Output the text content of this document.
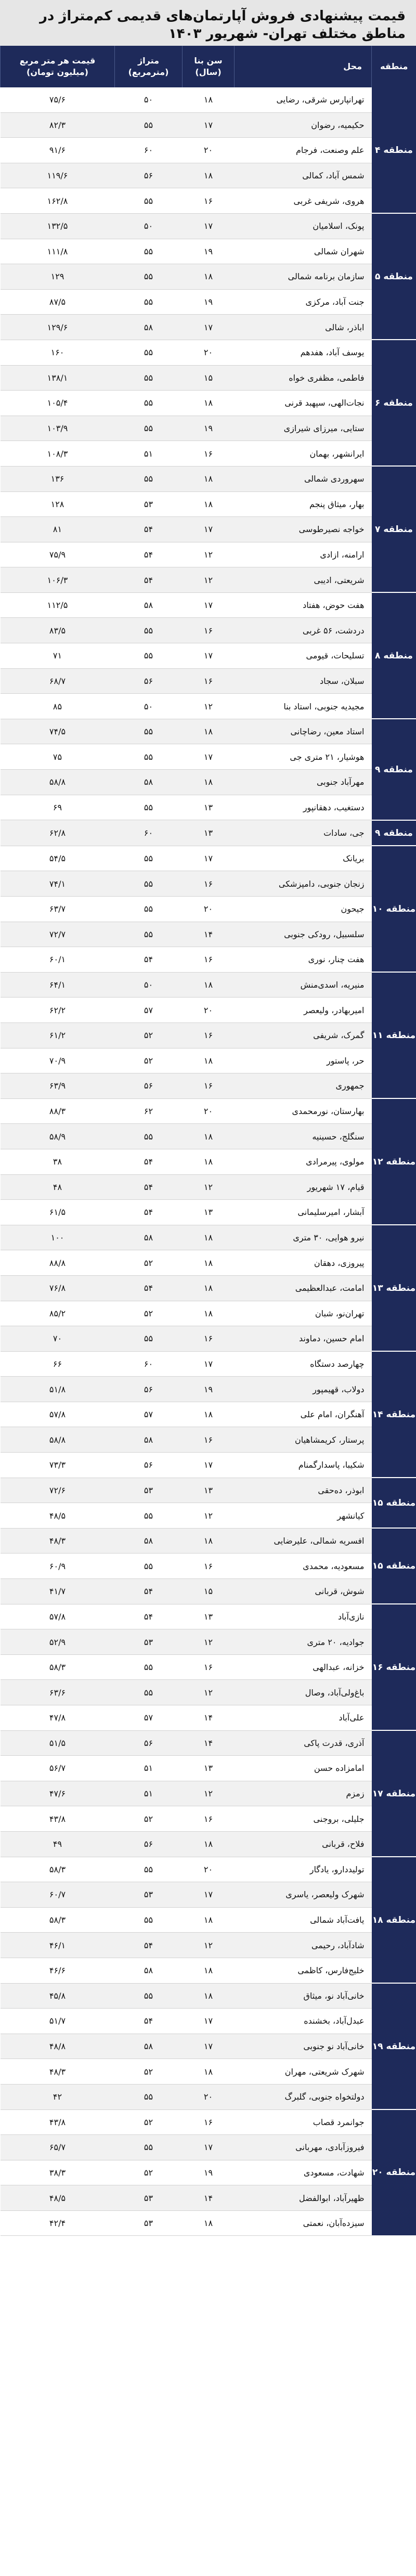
قیمت پیشنهادی فروش آپارتمان‌های قدیمی کم‌متراژ در مناطق مختلف تهران- شهریور ۱۴۰۳
منطقه	محل	سن بنا (سال)	متراژ (مترمربع)	قیمت هر متر مربع (میلیون تومان)
منطقه ۴	تهرانپارس شرقی، رضایی	۱۸	۵۰	۷۵/۶
	حکیمیه، رضوان	۱۷	۵۵	۸۲/۳
	علم وصنعت، فرجام	۲۰	۶۰	۹۱/۶
	شمس آباد، کمالی	۱۸	۵۶	۱۱۹/۶
	هروی، شریفی غربی	۱۶	۵۵	۱۶۲/۸
منطقه ۵	پونک، اسلامیان	۱۷	۵۰	۱۳۲/۵
	شهران شمالی	۱۹	۵۵	۱۱۱/۸
	سازمان برنامه شمالی	۱۸	۵۵	۱۲۹
	جنت آباد، مرکزی	۱۹	۵۵	۸۷/۵
	اباذر، شالی	۱۷	۵۸	۱۲۹/۶
منطقه ۶	یوسف آباد، هفدهم	۲۰	۵۵	۱۶۰
	فاطمی، مظفری خواه	۱۵	۵۵	۱۳۸/۱
	نجات‌الهی، سپهبد قرنی	۱۸	۵۵	۱۰۵/۴
	ستایی، میرزای شیرازی	۱۹	۵۵	۱۰۳/۹
	ایرانشهر، بهمان	۱۶	۵۱	۱۰۸/۳
منطقه ۷	سهروردی شمالی	۱۸	۵۵	۱۳۶
	بهار، میثاق پنجم	۱۸	۵۳	۱۲۸
	خواجه نصیرطوسی	۱۷	۵۴	۸۱
	ارامنه، ازادی	۱۲	۵۴	۷۵/۹
	شریعتی، ادیبی	۱۲	۵۴	۱۰۶/۳
منطقه ۸	هفت حوض، هفتاد	۱۷	۵۸	۱۱۲/۵
	دردشت، ۵۶ غربی	۱۶	۵۵	۸۳/۵
	تسلیحات، قیومی	۱۷	۵۵	۷۱
	سبلان، سجاد	۱۶	۵۶	۶۸/۷
	مجیدیه جنوبی، استاد بنا	۱۲	۵۰	۸۵
منطقه ۹	استاد معین، رضاچانی	۱۸	۵۵	۷۴/۵
	هوشیار، ۲۱ متری جی	۱۷	۵۵	۷۵
	مهرآباد جنوبی	۱۸	۵۸	۵۸/۸
	دستغیب، دهقانپور	۱۳	۵۵	۶۹
منطقه ۹	جی، سادات	۱۳	۶۰	۶۲/۸
منطقه ۱۰	بریانک	۱۷	۵۵	۵۴/۵
	زنجان جنوبی، دامپزشکی	۱۶	۵۵	۷۴/۱
	جیحون	۲۰	۵۵	۶۳/۷
	سلسبیل، رودکی جنوبی	۱۴	۵۵	۷۲/۷
	هفت چنار، نوری	۱۶	۵۴	۶۰/۱
منطقه ۱۱	منیریه، اسدی‌منش	۱۸	۵۰	۶۴/۱
	امیربهادر، ولیعصر	۲۰	۵۷	۶۲/۲
	گمرک، شریفی	۱۶	۵۲	۶۱/۲
	حر، پاستور	۱۸	۵۲	۷۰/۹
	جمهوری	۱۶	۵۶	۶۳/۹
منطقه ۱۲	بهارستان، نورمحمدی	۲۰	۶۲	۸۸/۳
	سنگلج، حسینیه	۱۸	۵۵	۵۸/۹
	مولوی، پیرمرادی	۱۸	۵۴	۳۸
	قیام، ۱۷ شهریور	۱۲	۵۴	۴۸
	آبشار، امیرسلیمانی	۱۳	۵۴	۶۱/۵
منطقه ۱۳	نیرو هوایی، ۳۰ متری	۱۸	۵۸	۱۰۰
	پیروزی، دهقان	۱۸	۵۲	۸۸/۸
	امامت، عبدالعظیمی	۱۸	۵۴	۷۶/۸
	تهران‌نو، شبان	۱۸	۵۲	۸۵/۲
	امام حسین، دماوند	۱۶	۵۵	۷۰
منطقه ۱۴	چهارصد دستگاه	۱۷	۶۰	۶۶
	دولاب، قهیمپور	۱۹	۵۶	۵۱/۸
	آهنگران، امام علی	۱۸	۵۷	۵۷/۸
	پرستار، کریمشاهیان	۱۶	۵۸	۵۸/۸
	شکیبا، پاسدارگمنام	۱۷	۵۶	۷۳/۳
منطقه ۱۵	ابوذر، ده‌حقی	۱۳	۵۳	۷۲/۶
	کیانشهر	۱۲	۵۵	۴۸/۵
منطقه ۱۵	افسریه شمالی، علیرضایی	۱۸	۵۸	۴۸/۳
	مسعودیه، محمدی	۱۶	۵۵	۶۰/۹
	شوش، قربانی	۱۵	۵۴	۴۱/۷
منطقه ۱۶	نازی‌آباد	۱۳	۵۴	۵۷/۸
	جوادیه، ۲۰ متری	۱۲	۵۳	۵۲/۹
	خزانه، عبدالهی	۱۶	۵۵	۵۸/۳
	باغ‌ولی‌آباد، وصال	۱۲	۵۵	۶۳/۶
	علی‌آباد	۱۴	۵۷	۴۷/۸
منطقه ۱۷	آذری، قدرت پاکی	۱۴	۵۶	۵۱/۵
	امامزاده حسن	۱۳	۵۱	۵۶/۷
	زمزم	۱۲	۵۱	۴۷/۶
	جلیلی، بروجنی	۱۶	۵۲	۴۳/۸
	فلاح، قربانی	۱۸	۵۶	۴۹
منطقه ۱۸	تولیددارو، یادگار	۲۰	۵۵	۵۸/۳
	شهرک ولیعصر، یاسری	۱۷	۵۳	۶۰/۷
	یافت‌آباد شمالی	۱۸	۵۵	۵۸/۳
	شادآباد، رحیمی	۱۲	۵۴	۴۶/۱
	خلیج‌فارس، کاظمی	۱۸	۵۸	۴۶/۶
منطقه ۱۹	خانی‌آباد نو، میثاق	۱۸	۵۵	۴۵/۸
	عبدل‌آباد، بخشنده	۱۷	۵۴	۵۱/۷
	خانی‌آباد نو جنوبی	۱۷	۵۸	۴۸/۸
	شهرک شریعتی، مهران	۱۸	۵۲	۴۸/۳
	دولتخواه جنوبی، گلبرگ	۲۰	۵۵	۴۲
منطقه ۲۰	جوانمرد قصاب	۱۶	۵۲	۴۳/۸
	فیروزآبادی، مهربانی	۱۷	۵۵	۶۵/۷
	شهادت، مسعودی	۱۹	۵۲	۳۸/۳
	ظهیرآباد، ابوالفضل	۱۴	۵۳	۴۸/۵
	سیزده‌آبان، نعمتی	۱۸	۵۳	۴۲/۴
